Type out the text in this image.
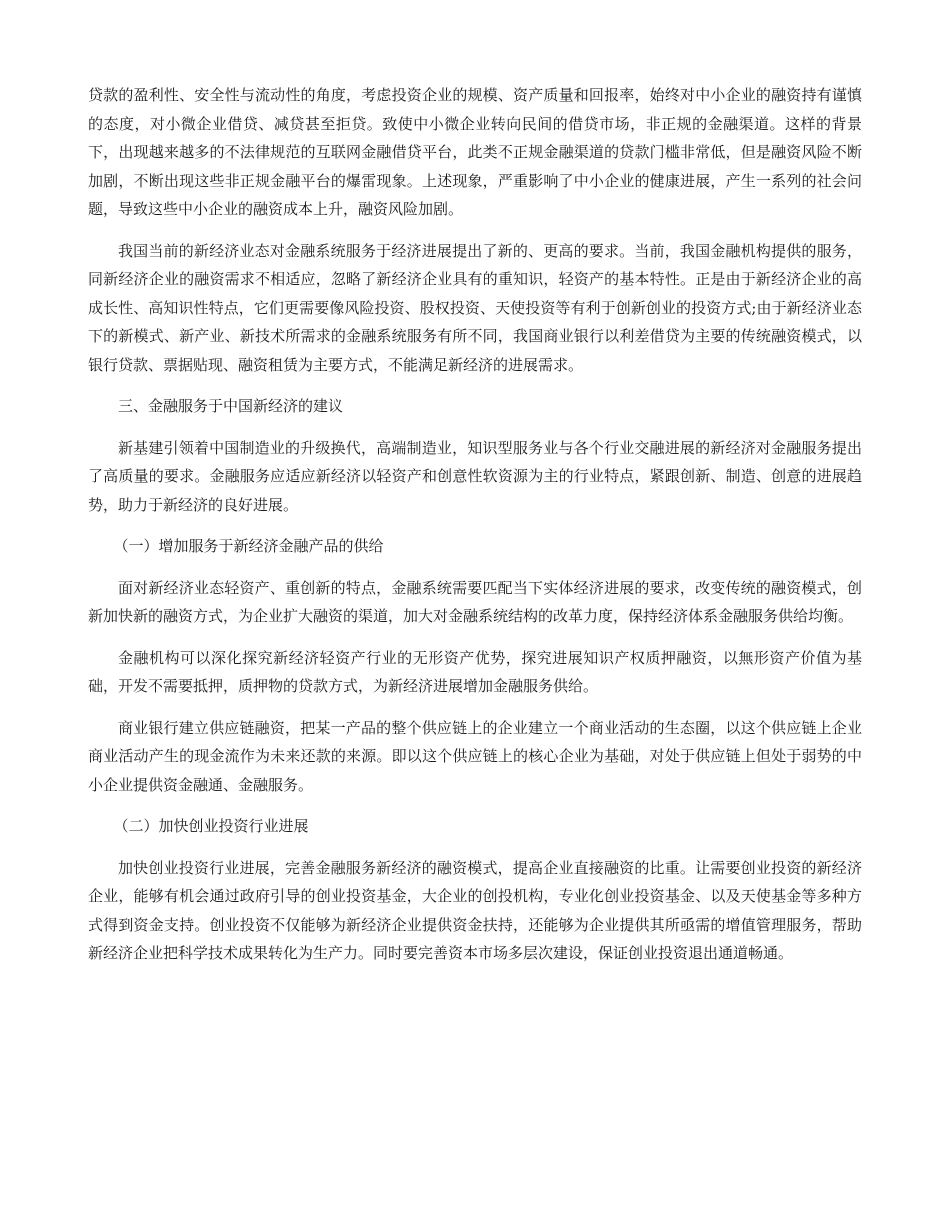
贷款的盈利性、安全性与流动性的角度，考虑投资企业的规模、资产质量和回报率，始终对中小企业的融资持有谨慎的态度，对小微企业借贷、减贷甚至拒贷。致使中小微企业转向民间的借贷市场，非正规的金融渠道。这样的背景下，出现越来越多的不法律规范的互联网金融借贷平台，此类不正规金融渠道的贷款门槛非常低，但是融资风险不断加剧，不断出现这些非正规金融平台的爆雷现象。上述现象，严重影响了中小企业的健康进展，产生一系列的社会问题，导致这些中小企业的融资成本上升，融资风险加剧。

我国当前的新经济业态对金融系统服务于经济进展提出了新的、更高的要求。当前，我国金融机构提供的服务，同新经济企业的融资需求不相适应，忽略了新经济企业具有的重知识，轻资产的基本特性。正是由于新经济企业的高成长性、高知识性特点，它们更需要像风险投资、股权投资、天使投资等有利于创新创业的投资方式;由于新经济业态下的新模式、新产业、新技术所需求的金融系统服务有所不同，我国商业银行以利差借贷为主要的传统融资模式，以银行贷款、票据贴现、融资租赁为主要方式，不能满足新经济的进展需求。

三、金融服务于中国新经济的建议

新基建引领着中国制造业的升级换代，高端制造业，知识型服务业与各个行业交融进展的新经济对金融服务提出了高质量的要求。金融服务应适应新经济以轻资产和创意性软资源为主的行业特点，紧跟创新、制造、创意的进展趋势，助力于新经济的良好进展。

（一）增加服务于新经济金融产品的供给

面对新经济业态轻资产、重创新的特点，金融系统需要匹配当下实体经济进展的要求，改变传统的融资模式，创新加快新的融资方式，为企业扩大融资的渠道，加大对金融系统结构的改革力度，保持经济体系金融服务供给均衡。

金融机构可以深化探究新经济轻资产行业的无形资产优势，探究进展知识产权质押融资，以無形资产价值为基础，开发不需要抵押，质押物的贷款方式，为新经济进展增加金融服务供给。

商业银行建立供应链融资，把某一产品的整个供应链上的企业建立一个商业活动的生态圈，以这个供应链上企业商业活动产生的现金流作为未来还款的来源。即以这个供应链上的核心企业为基础，对处于供应链上但处于弱势的中小企业提供资金融通、金融服务。

（二）加快创业投资行业进展

加快创业投资行业进展，完善金融服务新经济的融资模式，提高企业直接融资的比重。让需要创业投资的新经济企业，能够有机会通过政府引导的创业投资基金，大企业的创投机构，专业化创业投资基金、以及天使基金等多种方式得到资金支持。创业投资不仅能够为新经济企业提供资金扶持，还能够为企业提供其所亟需的增值管理服务，帮助新经济企业把科学技术成果转化为生产力。同时要完善资本市场多层次建设，保证创业投资退出通道畅通。
